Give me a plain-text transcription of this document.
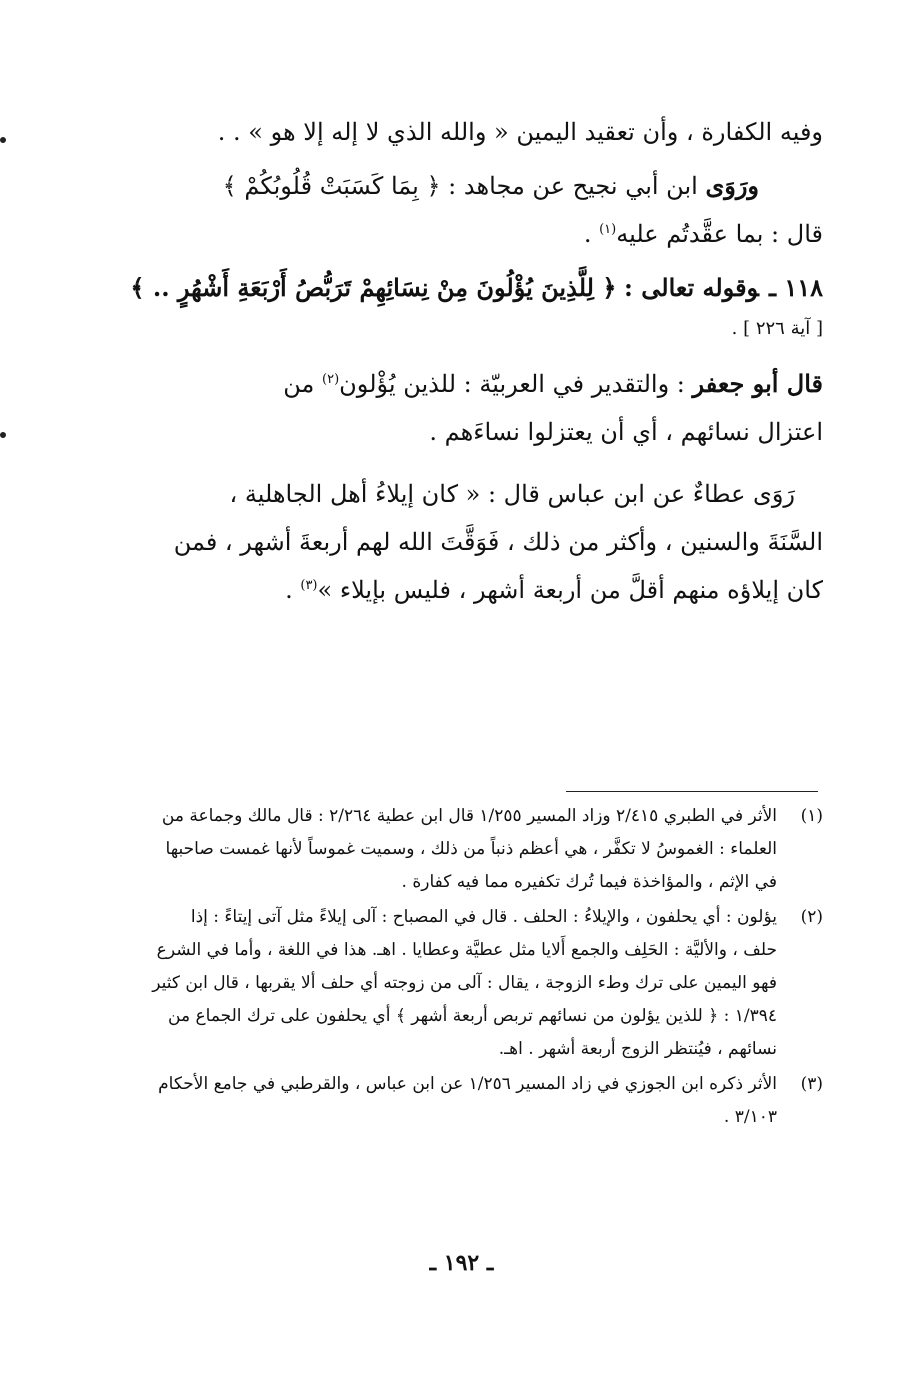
وفيه الكفارة ، وأن تعقيد اليمين « والله الذي لا إله إلا هو » . .

ورَوَى ابن أبي نجيح عن مجاهد : ﴿ بِمَا كَسَبَتْ قُلُوبُكُمْ ﴾

قال : بما عقَّدتُم عليه$^{(١)}$ .

١١٨ ـوقوله تعالى : ﴿ لِلَّذِينَ يُؤْلُونَ مِنْ نِسَائِهِمْ تَرَبُّصُ أَرْبَعَةِ أَشْهُرٍ .. ﴾

[ آية ٢٢٦ ] .

قال أبو جعفر : والتقدير في العربيّة : للذين يُؤْلون$^{(٢)}$ من
اعتزال نسائهم ، أي أن يعتزلوا نساءَهم .

رَوَى عطاءٌ عن ابن عباس قال : « كان إيلاءُ أهل الجاهلية ،
السَّنَةَ والسنين ، وأكثر من ذلك ، فَوَقَّتَ الله لهم أربعةَ أشهر ، فمن
كان إيلاؤه منهم أقلَّ من أربعة أشهر ، فليس بإيلاء »$^{(٣)}$ .

(١)
الأثر في الطبري ٢/٤١٥ وزاد المسير ١/٢٥٥ قال ابن عطية ٢/٢٦٤ : قال مالك وجماعة من
العلماء : الغموسُ لا تكفَّر ، هي أعظم ذنباً من ذلك ، وسميت غموساً لأنها غمست صاحبها
في الإثم ، والمؤاخذة فيما تُرك تكفيره مما فيه كفارة .
(٢)
يؤلون : أي يحلفون ، والإيلاءُ : الحلف . قال في المصباح : آلى إيلاءً مثل آتى إيتاءً : إذا
حلف ، والأليَّة : الحَلِف والجمع أَلايا مثل عطيَّة وعطايا . اهـ. هذا في اللغة ، وأما في الشرع
فهو اليمين على ترك وطء الزوجة ، يقال : آلى من زوجته أي حلف ألا يقربها ، قال ابن كثير
١/٣٩٤ : ﴿ للذين يؤلون من نسائهم تربص أربعة أشهر ﴾ أي يحلفون على ترك الجماع من
نسائهم ، فيُنتظر الزوج أربعة أشهر . اهـ.
(٣)
الأثر ذكره ابن الجوزي في زاد المسير ١/٢٥٦ عن ابن عباس ، والقرطبي في جامع الأحكام
٣/١٠٣ .
ـ ١٩٢ ـ
